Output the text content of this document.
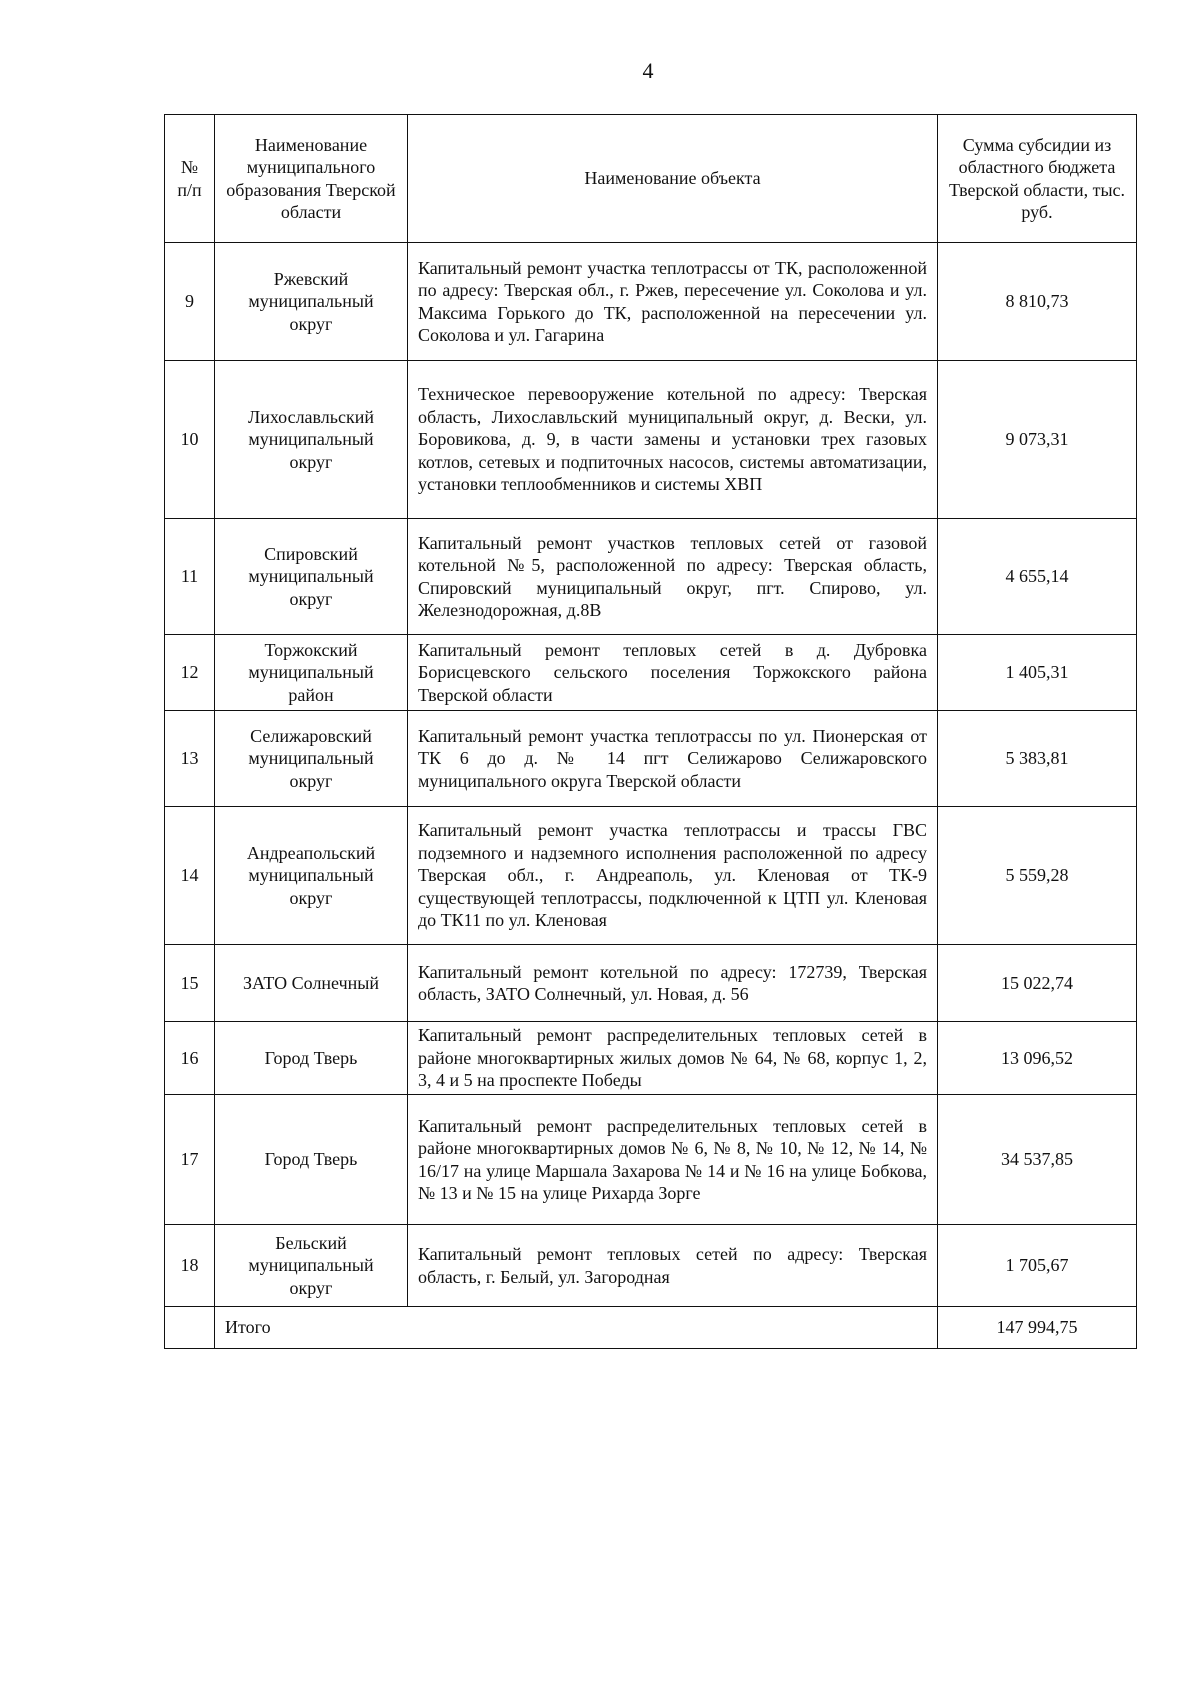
4
№ п/п	Наименование муниципального образования Тверской области	Наименование объекта	Сумма субсидии из областного бюджета Тверской области, тыс. руб.
9	Ржевский муниципальный округ	Капитальный ремонт участка теплотрассы от ТК, расположенной по адресу: Тверская обл., г. Ржев, пересечение ул. Соколова и ул. Максима Горького до ТК, расположенной на пересечении ул. Соколова и ул. Гагарина	8 810,73
10	Лихославльский муниципальный округ	Техническое перевооружение котельной по адресу: Тверская область, Лихославльский муниципальный округ, д. Вески, ул. Боровикова, д. 9, в части замены и установки трех газовых котлов, сетевых и подпиточных насосов, системы автоматизации, установки теплообменников и системы ХВП	9 073,31
11	Спировский муниципальный округ	Капитальный ремонт участков тепловых сетей от газовой котельной №5, расположенной по адресу: Тверская область, Спировский муниципальный округ, пгт. Спирово, ул. Железнодорожная, д.8В	4 655,14
12	Торжокский муниципальный район	Капитальный ремонт тепловых сетей в д. Дубровка Борисцевского сельского поселения Торжокского района Тверской области	1 405,31
13	Селижаровский муниципальный округ	Капитальный ремонт участка теплотрассы по ул. Пионерская от ТК 6 до д. № 14 пгт Селижарово Селижаровского муниципального округа Тверской области	5 383,81
14	Андреапольский муниципальный округ	Капитальный ремонт участка теплотрассы и трассы ГВС подземного и надземного исполнения расположенной по адресу Тверская обл., г. Андреаполь, ул. Кленовая от ТК-9 существующей теплотрассы, подключенной к ЦТП ул. Кленовая до ТК11 по ул. Кленовая	5 559,28
15	ЗАТО Солнечный	Капитальный ремонт котельной по адресу: 172739, Тверская область, ЗАТО Солнечный, ул. Новая, д. 56	15 022,74
16	Город Тверь	Капитальный ремонт распределительных тепловых сетей в районе многоквартирных жилых домов № 64, № 68, корпус 1, 2, 3, 4 и 5 на проспекте Победы	13 096,52
17	Город Тверь	Капитальный ремонт распределительных тепловых сетей в районе многоквартирных домов № 6, № 8, № 10, № 12, № 14, № 16/17 на улице Маршала Захарова № 14 и № 16 на улице Бобкова, № 13 и № 15 на улице Рихарда Зорге	34 537,85
18	Бельский муниципальный округ	Капитальный ремонт тепловых сетей по адресу: Тверская область, г. Белый, ул. Загородная	1 705,67
	Итого		147 994,75
